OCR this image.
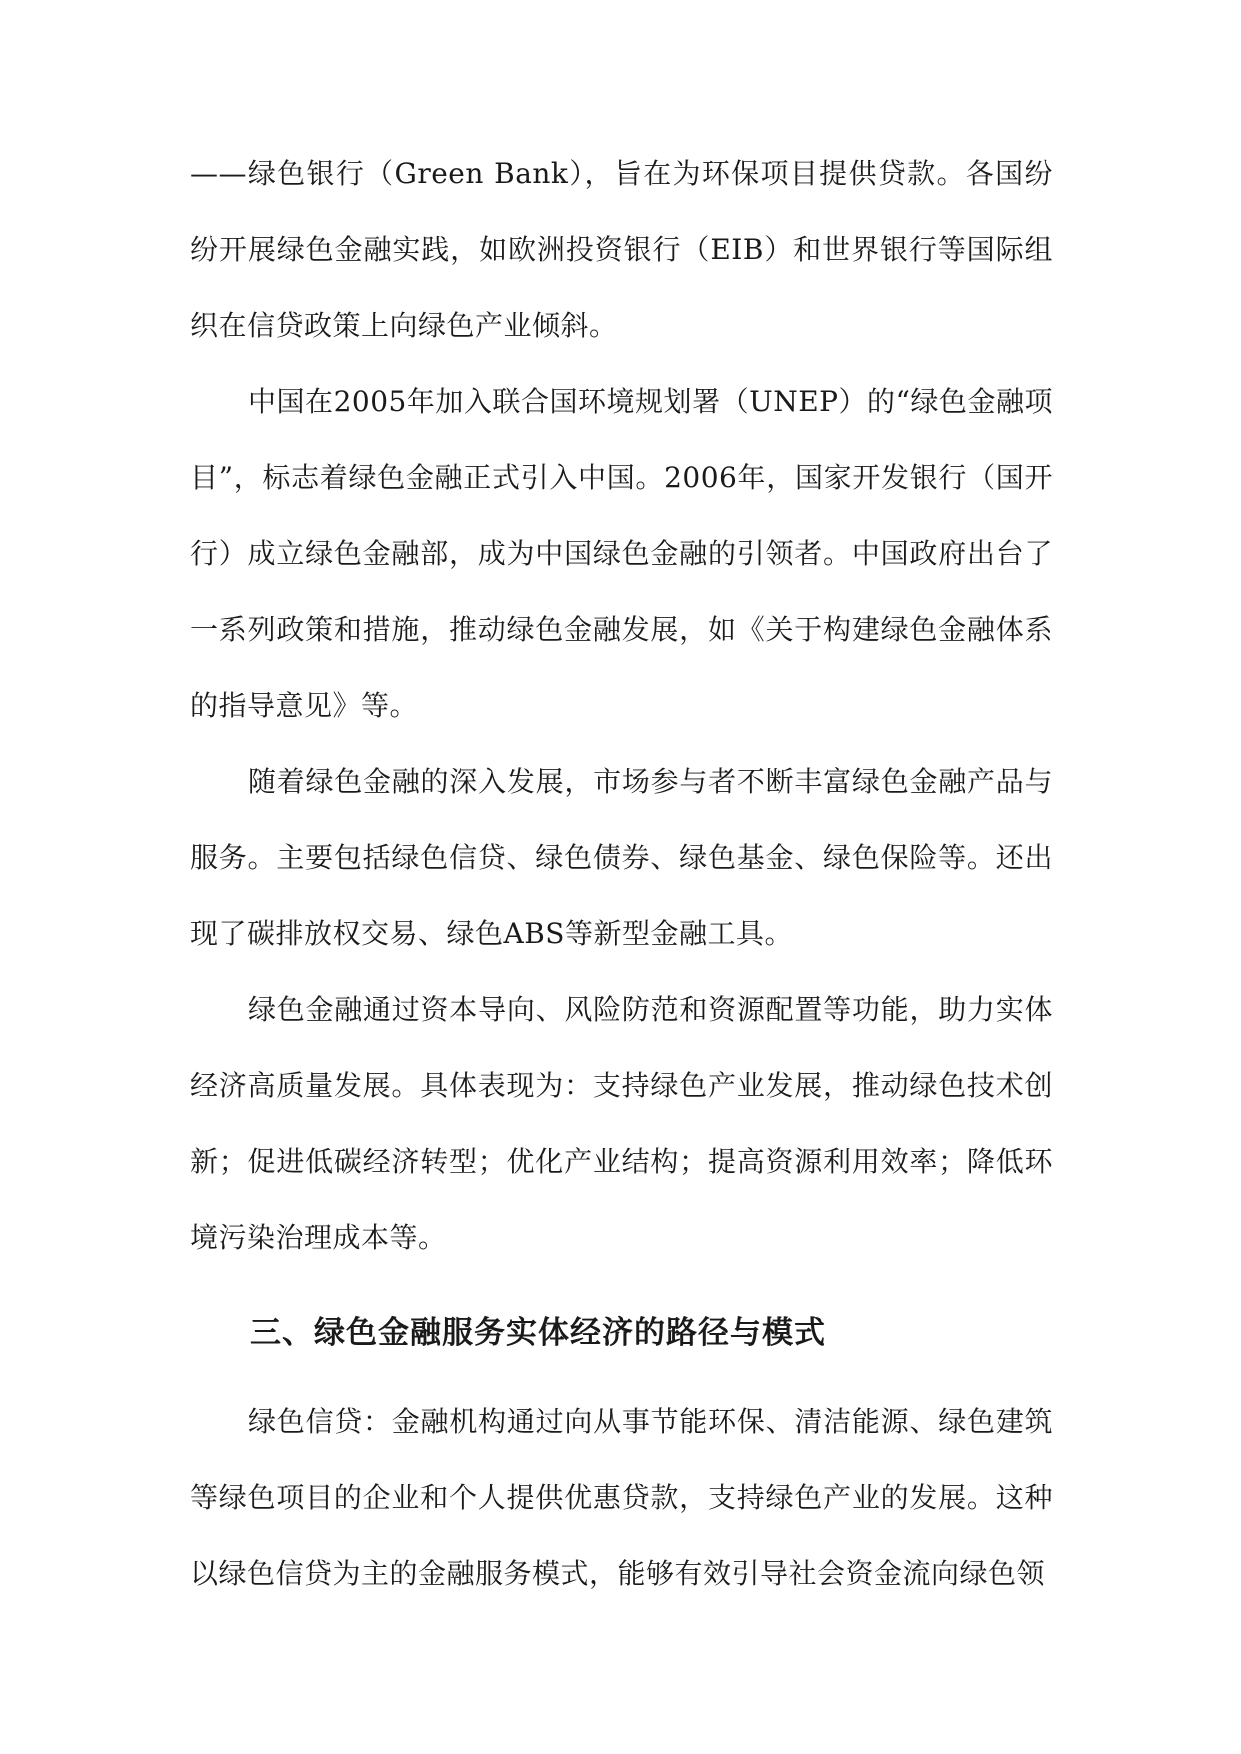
——绿色银行（Green Bank），旨在为环保项目提供贷款。各国纷纷开展绿色金融实践，如欧洲投资银行（EIB）和世界银行等国际组织在信贷政策上向绿色产业倾斜。

中国在2005年加入联合国环境规划署（UNEP）的“绿色金融项目”，标志着绿色金融正式引入中国。2006年，国家开发银行（国开行）成立绿色金融部，成为中国绿色金融的引领者。中国政府出台了一系列政策和措施，推动绿色金融发展，如《关于构建绿色金融体系的指导意见》等。

随着绿色金融的深入发展，市场参与者不断丰富绿色金融产品与服务。主要包括绿色信贷、绿色债券、绿色基金、绿色保险等。还出现了碳排放权交易、绿色ABS等新型金融工具。

绿色金融通过资本导向、风险防范和资源配置等功能，助力实体经济高质量发展。具体表现为：支持绿色产业发展，推动绿色技术创新；促进低碳经济转型；优化产业结构；提高资源利用效率；降低环境污染治理成本等。

三、绿色金融服务实体经济的路径与模式

绿色信贷：金融机构通过向从事节能环保、清洁能源、绿色建筑等绿色项目的企业和个人提供优惠贷款，支持绿色产业的发展。这种以绿色信贷为主的金融服务模式，能够有效引导社会资金流向绿色领
